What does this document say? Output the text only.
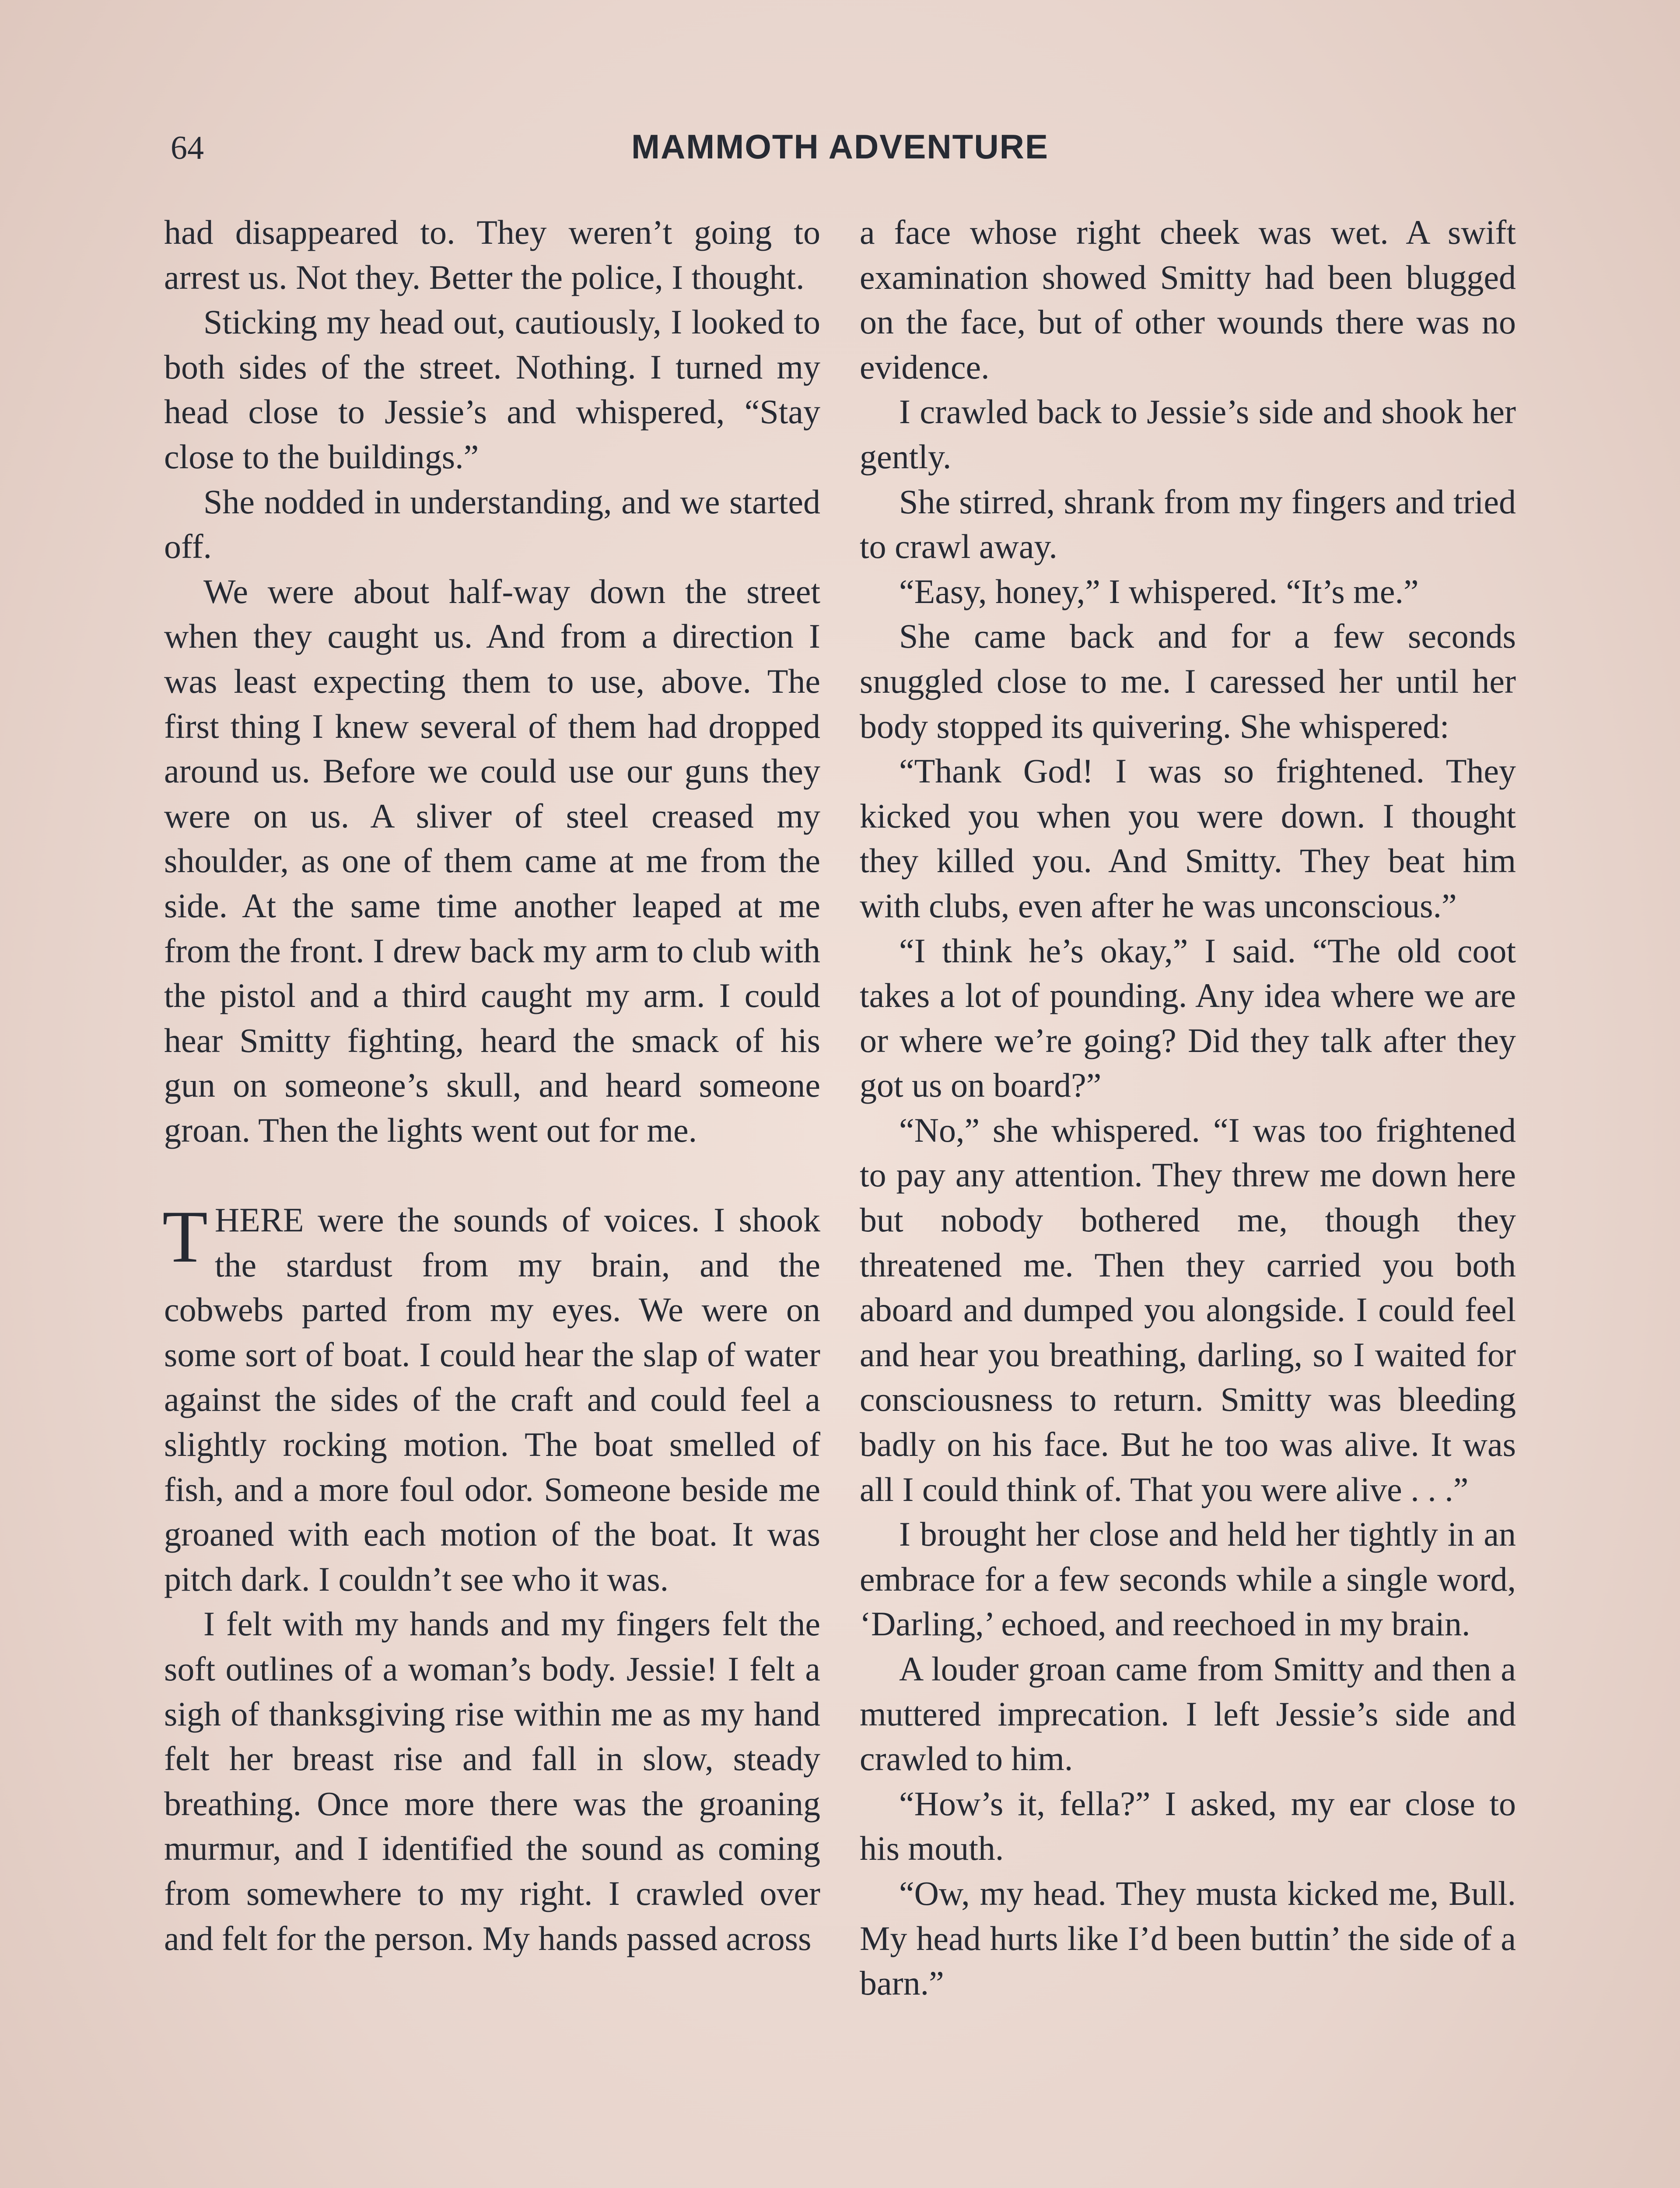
64	MAMMOTH ADVENTURE

had disappeared to. They weren’t going to arrest us. Not they. Better the police, I thought.

Sticking my head out, cautiously, I looked to both sides of the street. Nothing. I turned my head close to Jessie’s and whispered, “Stay close to the buildings.”

She nodded in understanding, and we started off.

We were about half-way down the street when they caught us. And from a direction I was least expecting them to use, above. The first thing I knew several of them had dropped around us. Before we could use our guns they were on us. A sliver of steel creased my shoulder, as one of them came at me from the side. At the same time another leaped at me from the front. I drew back my arm to club with the pistol and a third caught my arm. I could hear Smitty fighting, heard the smack of his gun on someone’s skull, and heard someone groan. Then the lights went out for me.

THERE were the sounds of voices. I shook the stardust from my brain, and the cobwebs parted from my eyes. We were on some sort of boat. I could hear the slap of water against the sides of the craft and could feel a slightly rocking motion. The boat smelled of fish, and a more foul odor. Someone beside me groaned with each motion of the boat. It was pitch dark. I couldn’t see who it was.

I felt with my hands and my fingers felt the soft outlines of a woman’s body. Jessie! I felt a sigh of thanksgiving rise within me as my hand felt her breast rise and fall in slow, steady breathing. Once more there was the groaning murmur, and I identified the sound as coming from somewhere to my right. I crawled over and felt for the person. My hands passed across

a face whose right cheek was wet. A swift examination showed Smitty had been blugged on the face, but of other wounds there was no evidence.

I crawled back to Jessie’s side and shook her gently.

She stirred, shrank from my fingers and tried to crawl away.

“Easy, honey,” I whispered. “It’s me.”

She came back and for a few seconds snuggled close to me. I caressed her until her body stopped its quivering. She whispered:

“Thank God! I was so frightened. They kicked you when you were down. I thought they killed you. And Smitty. They beat him with clubs, even after he was unconscious.”

“I think he’s okay,” I said. “The old coot takes a lot of pounding. Any idea where we are or where we’re going? Did they talk after they got us on board?”

“No,” she whispered. “I was too frightened to pay any attention. They threw me down here but nobody bothered me, though they threatened me. Then they carried you both aboard and dumped you alongside. I could feel and hear you breathing, darling, so I waited for consciousness to return. Smitty was bleeding badly on his face. But he too was alive. It was all I could think of. That you were alive . . .”

I brought her close and held her tightly in an embrace for a few seconds while a single word, ‘Darling,’ echoed, and reechoed in my brain.

A louder groan came from Smitty and then a muttered imprecation. I left Jessie’s side and crawled to him.

“How’s it, fella?” I asked, my ear close to his mouth.

“Ow, my head. They musta kicked me, Bull. My head hurts like I’d been buttin’ the side of a barn.”
